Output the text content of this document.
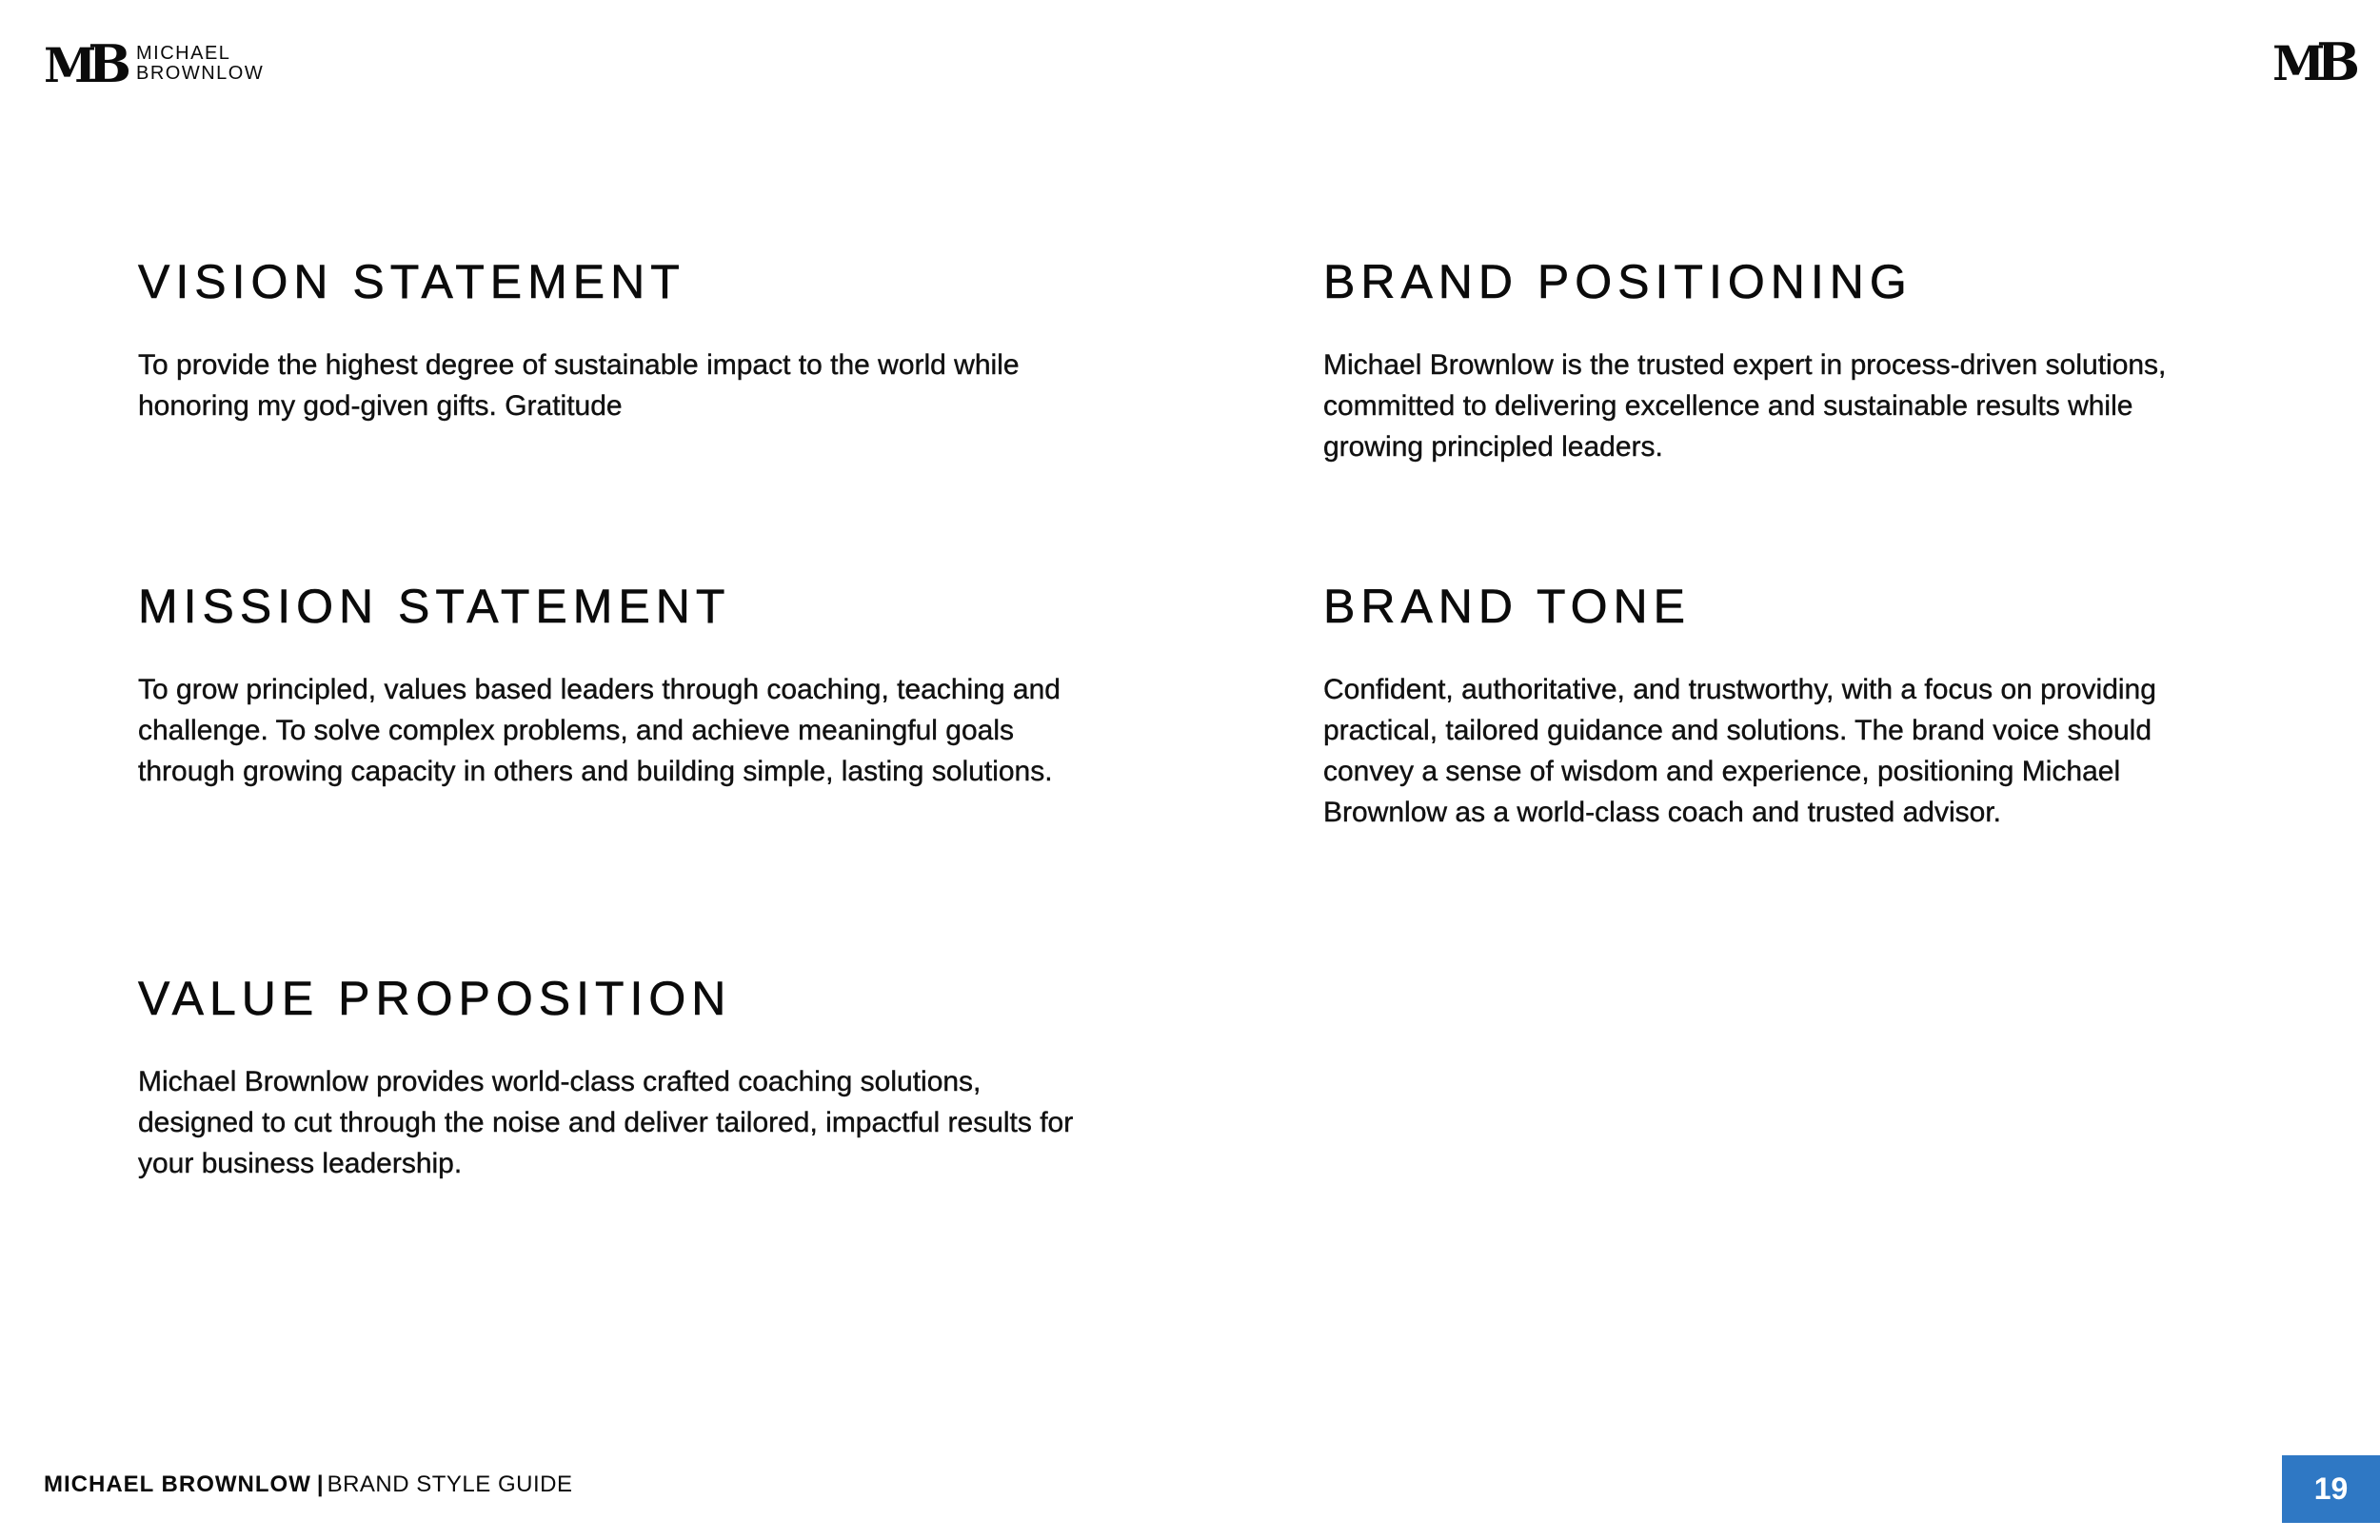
MB MICHAEL
BROWNLOW	MB
VISION STATEMENT

To provide the highest degree of sustainable impact to the world while honoring my god-given gifts. Gratitude

MISSION STATEMENT

To grow principled, values based leaders through coaching, teaching and challenge. To solve complex problems, and achieve meaningful goals through growing capacity in others and building simple, lasting solutions.

VALUE PROPOSITION

Michael Brownlow provides world-class crafted coaching solutions, designed to cut through the noise and deliver tailored, impactful results for your business leadership.

BRAND POSITIONING

Michael Brownlow is the trusted expert in process-driven solutions, committed to delivering excellence and sustainable results while growing principled leaders.

BRAND TONE

Confident, authoritative, and trustworthy, with a focus on providing practical, tailored guidance and solutions. The brand voice should convey a sense of wisdom and experience, positioning Michael Brownlow as a world-class coach and trusted advisor.

MICHAEL BROWNLOW | BRAND STYLE GUIDE	19
